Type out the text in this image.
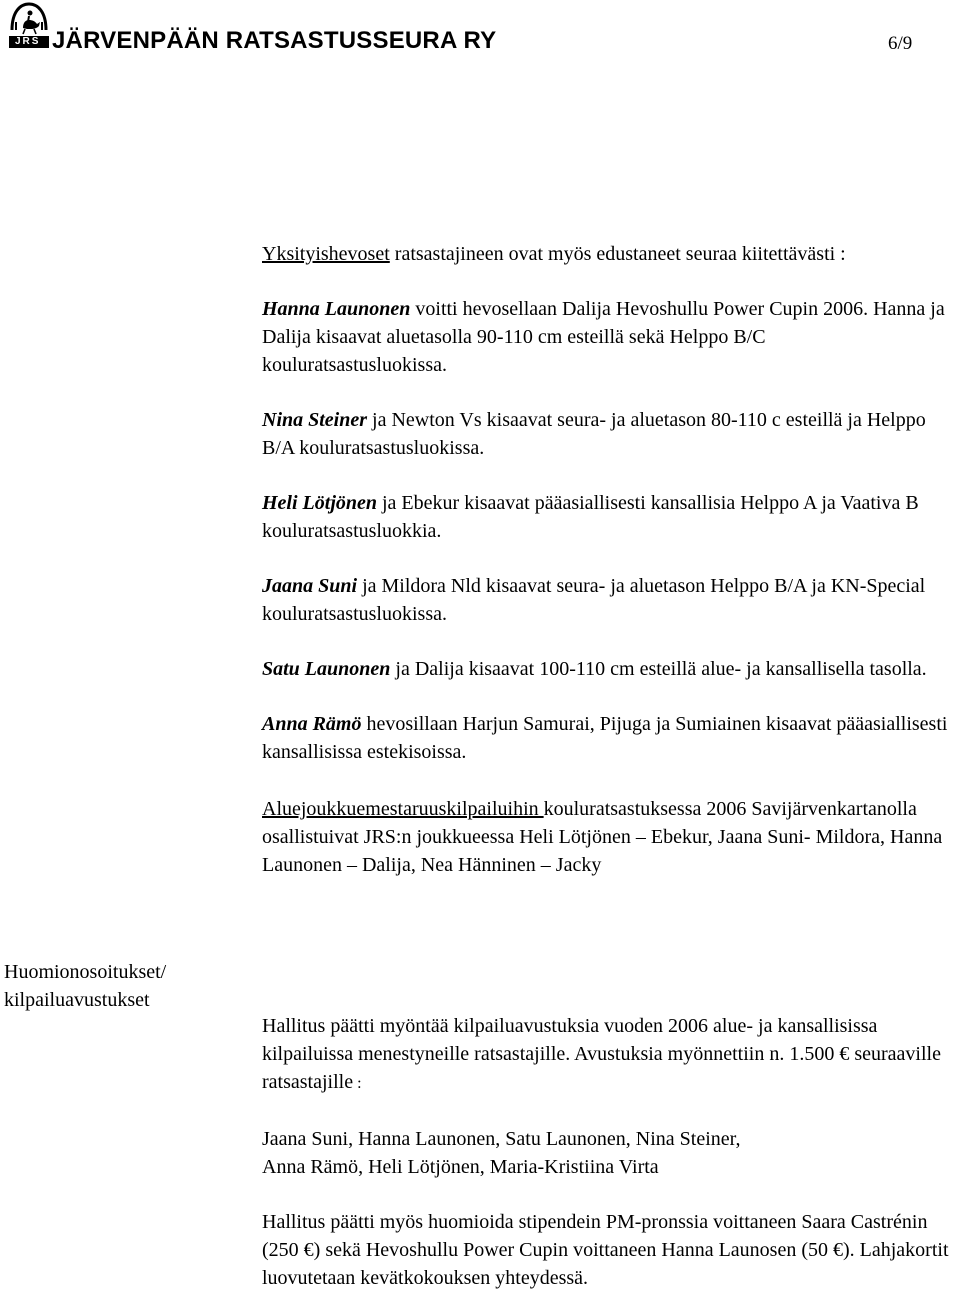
JRS JÄRVENPÄÄN RATSASTUSSEURA RY	6/9

Yksityishevoset ratsastajineen ovat myös edustaneet seuraa kiitettävästi :

Hanna Launonen voitti hevosellaan Dalija Hevoshullu Power Cupin 2006. Hanna ja Dalija kisaavat aluetasolla 90-110 cm esteillä sekä Helppo B/C kouluratsastusluokissa.

Nina Steiner ja Newton Vs kisaavat seura- ja aluetason 80-110 c esteillä ja Helppo B/A kouluratsastusluokissa.

Heli Lötjönen ja Ebekur kisaavat pääasiallisesti kansallisia Helppo A ja Vaativa B kouluratsastusluokkia.

Jaana Suni ja Mildora Nld kisaavat seura- ja aluetason Helppo B/A ja KN-Special kouluratsastusluokissa.

Satu Launonen ja Dalija kisaavat 100-110 cm esteillä alue- ja kansallisella tasolla.

Anna Rämö hevosillaan Harjun Samurai, Pijuga ja Sumiainen kisaavat pääasiallisesti kansallisissa estekisoissa.

Aluejoukkuemestaruuskilpailuihin kouluratsastuksessa 2006 Savijärvenkartanolla osallistuivat JRS:n joukkueessa Heli Lötjönen – Ebekur, Jaana Suni- Mildora, Hanna Launonen – Dalija, Nea Hänninen – Jacky

Huomionosoitukset/
kilpailuavustukset

Hallitus päätti myöntää kilpailuavustuksia vuoden 2006 alue- ja kansallisissa kilpailuissa menestyneille ratsastajille. Avustuksia myönnettiin n. 1.500 € seuraaville ratsastajille :

Jaana Suni, Hanna Launonen, Satu Launonen, Nina Steiner,
Anna Rämö, Heli Lötjönen, Maria-Kristiina Virta

Hallitus päätti myös huomioida stipendein PM-pronssia voittaneen Saara Castrénin (250 €) sekä Hevoshullu Power Cupin voittaneen Hanna Launosen (50 €). Lahjakortit luovutetaan kevätkokouksen yhteydessä.
